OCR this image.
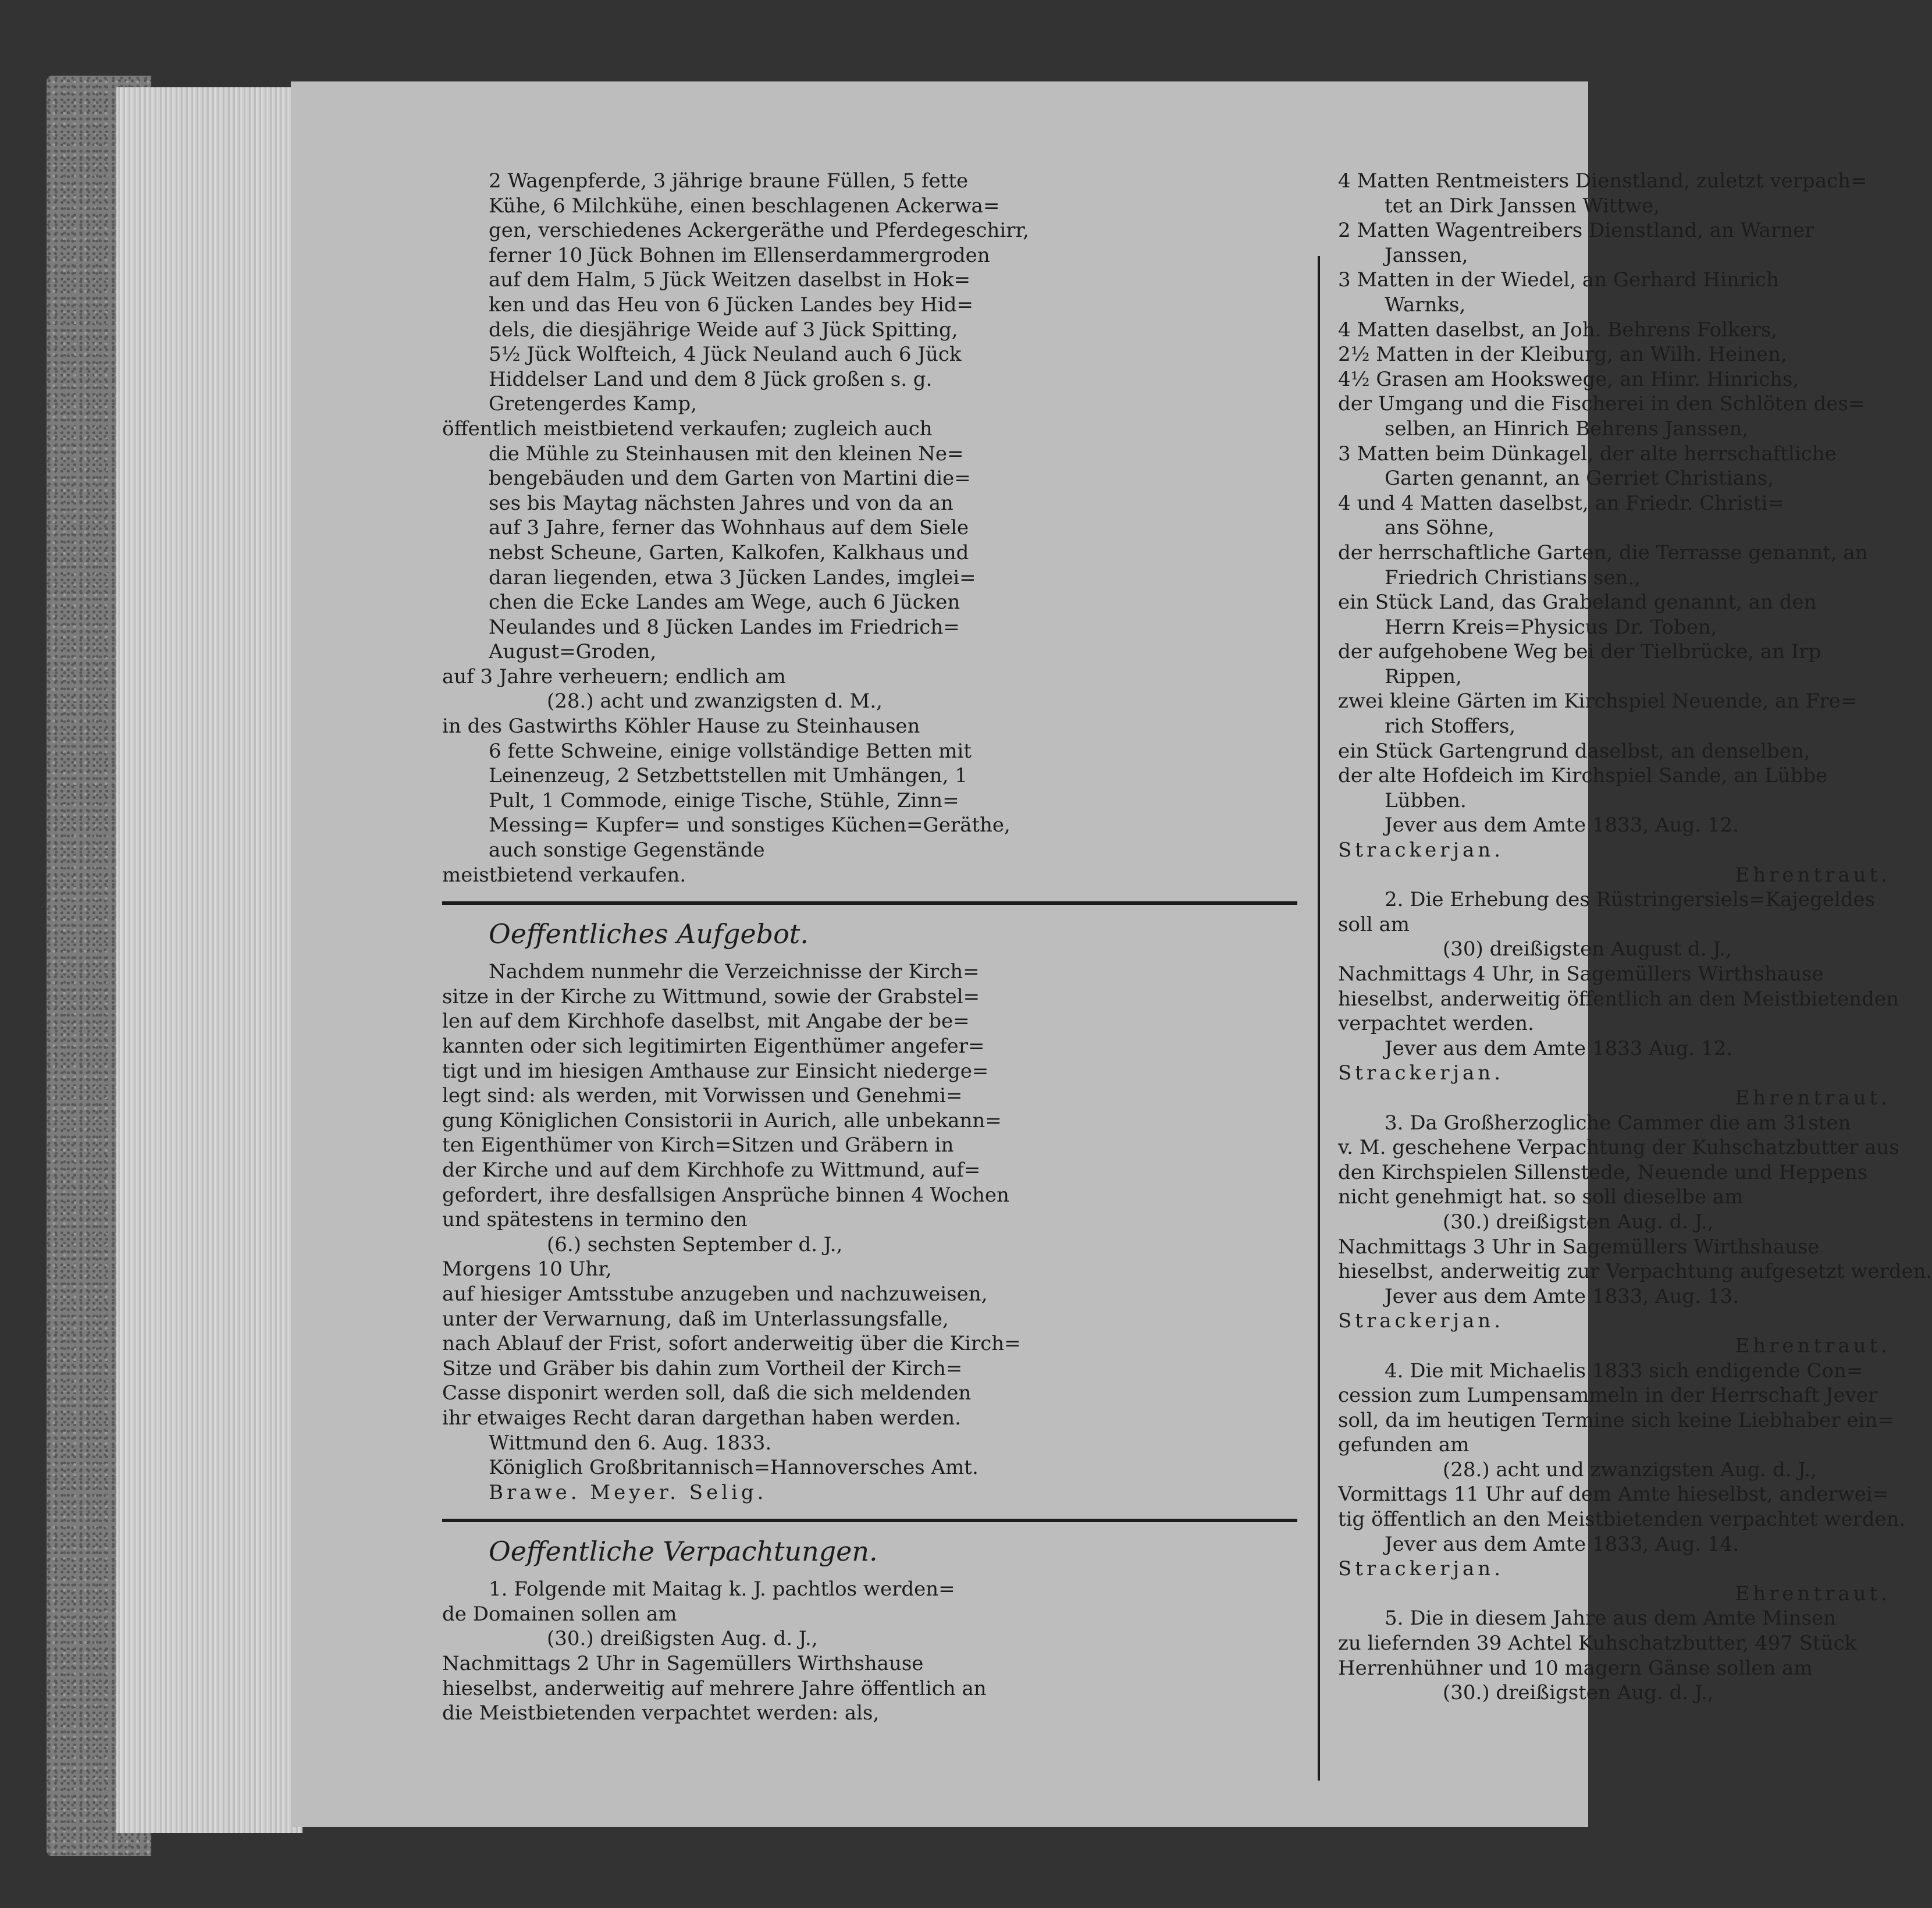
2 Wagenpferde, 3 jährige braune Füllen, 5 fette

Kühe, 6 Milchkühe, einen beschlagenen Ackerwa=

gen, verschiedenes Ackergeräthe und Pferdegeschirr,

ferner 10 Jück Bohnen im Ellenserdammergroden

auf dem Halm, 5 Jück Weitzen daselbst in Hok=

ken und das Heu von 6 Jücken Landes bey Hid=

dels, die diesjährige Weide auf 3 Jück Spitting,

5½ Jück Wolfteich, 4 Jück Neuland auch 6 Jück

Hiddelser Land und dem 8 Jück großen s. g.

Gretengerdes Kamp,

öffentlich meistbietend verkaufen; zugleich auch

die Mühle zu Steinhausen mit den kleinen Ne=

bengebäuden und dem Garten von Martini die=

ses bis Maytag nächsten Jahres und von da an

auf 3 Jahre, ferner das Wohnhaus auf dem Siele

nebst Scheune, Garten, Kalkofen, Kalkhaus und

daran liegenden, etwa 3 Jücken Landes, imglei=

chen die Ecke Landes am Wege, auch 6 Jücken

Neulandes und 8 Jücken Landes im Friedrich=

August=Groden,

auf 3 Jahre verheuern; endlich am

(28.) acht und zwanzigsten d. M.,

in des Gastwirths Köhler Hause zu Steinhausen

6 fette Schweine, einige vollständige Betten mit

Leinenzeug, 2 Setzbettstellen mit Umhängen, 1

Pult, 1 Commode, einige Tische, Stühle, Zinn=

Messing= Kupfer= und sonstiges Küchen=Geräthe,

auch sonstige Gegenstände

meistbietend verkaufen.

Oeffentliches Aufgebot.

Nachdem nunmehr die Verzeichnisse der Kirch=

sitze in der Kirche zu Wittmund, sowie der Grabstel=

len auf dem Kirchhofe daselbst, mit Angabe der be=

kannten oder sich legitimirten Eigenthümer angefer=

tigt und im hiesigen Amthause zur Einsicht niederge=

legt sind: als werden, mit Vorwissen und Genehmi=

gung Königlichen Consistorii in Aurich, alle unbekann=

ten Eigenthümer von Kirch=Sitzen und Gräbern in

der Kirche und auf dem Kirchhofe zu Wittmund, auf=

gefordert, ihre desfallsigen Ansprüche binnen 4 Wochen

und spätestens in termino den

(6.) sechsten September d. J.,

Morgens 10 Uhr,

auf hiesiger Amtsstube anzugeben und nachzuweisen,

unter der Verwarnung, daß im Unterlassungsfalle,

nach Ablauf der Frist, sofort anderweitig über die Kirch=

Sitze und Gräber bis dahin zum Vortheil der Kirch=

Casse disponirt werden soll, daß die sich meldenden

ihr etwaiges Recht daran dargethan haben werden.

Wittmund den 6. Aug. 1833.

Königlich Großbritannisch=Hannoversches Amt.

Brawe. Meyer. Selig.

Oeffentliche Verpachtungen.

1. Folgende mit Maitag k. J. pachtlos werden=

de Domainen sollen am

(30.) dreißigsten Aug. d. J.,

Nachmittags 2 Uhr in Sagemüllers Wirthshause

hieselbst, anderweitig auf mehrere Jahre öffentlich an

die Meistbietenden verpachtet werden: als,

4 Matten Rentmeisters Dienstland, zuletzt verpach=

tet an Dirk Janssen Wittwe,

2 Matten Wagentreibers Dienstland, an Warner

Janssen,

3 Matten in der Wiedel, an Gerhard Hinrich

Warnks,

4 Matten daselbst, an Joh. Behrens Folkers,

2½ Matten in der Kleiburg, an Wilh. Heinen,

4½ Grasen am Hookswege, an Hinr. Hinrichs,

der Umgang und die Fischerei in den Schlöten des=

selben, an Hinrich Behrens Janssen,

3 Matten beim Dünkagel, der alte herrschaftliche

Garten genannt, an Gerriet Christians,

4 und 4 Matten daselbst, an Friedr. Christi=

ans Söhne,

der herrschaftliche Garten, die Terrasse genannt, an

Friedrich Christians sen.,

ein Stück Land, das Grabeland genannt, an den

Herrn Kreis=Physicus Dr. Toben,

der aufgehobene Weg bei der Tielbrücke, an Irp

Rippen,

zwei kleine Gärten im Kirchspiel Neuende, an Fre=

rich Stoffers,

ein Stück Gartengrund daselbst, an denselben,

der alte Hofdeich im Kirchspiel Sande, an Lübbe

Lübben.

Jever aus dem Amte 1833, Aug. 12.

Strackerjan.

Ehrentraut.

2. Die Erhebung des Rüstringersiels=Kajegeldes

soll am

(30) dreißigsten August d. J.,

Nachmittags 4 Uhr, in Sagemüllers Wirthshause

hieselbst, anderweitig öffentlich an den Meistbietenden

verpachtet werden.

Jever aus dem Amte 1833 Aug. 12.

Strackerjan.

Ehrentraut.

3. Da Großherzogliche Cammer die am 31sten

v. M. geschehene Verpachtung der Kuhschatzbutter aus

den Kirchspielen Sillenstede, Neuende und Heppens

nicht genehmigt hat. so soll dieselbe am

(30.) dreißigsten Aug. d. J.,

Nachmittags 3 Uhr in Sagemüllers Wirthshause

hieselbst, anderweitig zur Verpachtung aufgesetzt werden.

Jever aus dem Amte 1833, Aug. 13.

Strackerjan.

Ehrentraut.

4. Die mit Michaelis 1833 sich endigende Con=

cession zum Lumpensammeln in der Herrschaft Jever

soll, da im heutigen Termine sich keine Liebhaber ein=

gefunden am

(28.) acht und zwanzigsten Aug. d. J.,

Vormittags 11 Uhr auf dem Amte hieselbst, anderwei=

tig öffentlich an den Meistbietenden verpachtet werden.

Jever aus dem Amte 1833, Aug. 14.

Strackerjan.

Ehrentraut.

5. Die in diesem Jahre aus dem Amte Minsen

zu liefernden 39 Achtel Kuhschatzbutter, 497 Stück

Herrenhühner und 10 magern Gänse sollen am

(30.) dreißigsten Aug. d. J.,
